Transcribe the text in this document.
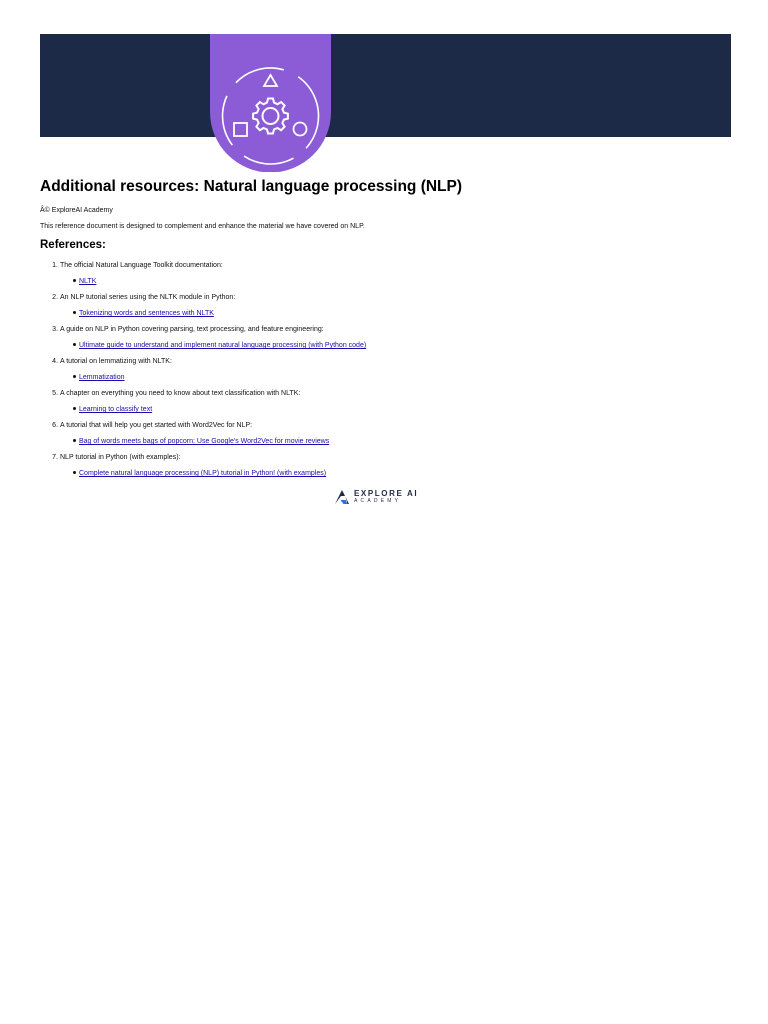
Additional resources: Natural language processing (NLP)

Â© ExploreAI Academy

This reference document is designed to complement and enhance the material we have covered on NLP.

References:
1. The official Natural Language Toolkit documentation:
NLTK
2. An NLP tutorial series using the NLTK module in Python:
Tokenizing words and sentences with NLTK
3. A guide on NLP in Python covering parsing, text processing, and feature engineering:
Ultimate guide to understand and implement natural language processing (with Python code)
4. A tutorial on lemmatizing with NLTK:
Lemmatization
5. A chapter on everything you need to know about text classification with NLTK:
Learning to classify text
6. A tutorial that will help you get started with Word2Vec for NLP:
Bag of words meets bags of popcorn: Use Google's Word2Vec for movie reviews
7. NLP tutorial in Python (with examples):
Complete natural language processing (NLP) tutorial in Python! (with examples)
EXPLORE AI
ACADEMY
